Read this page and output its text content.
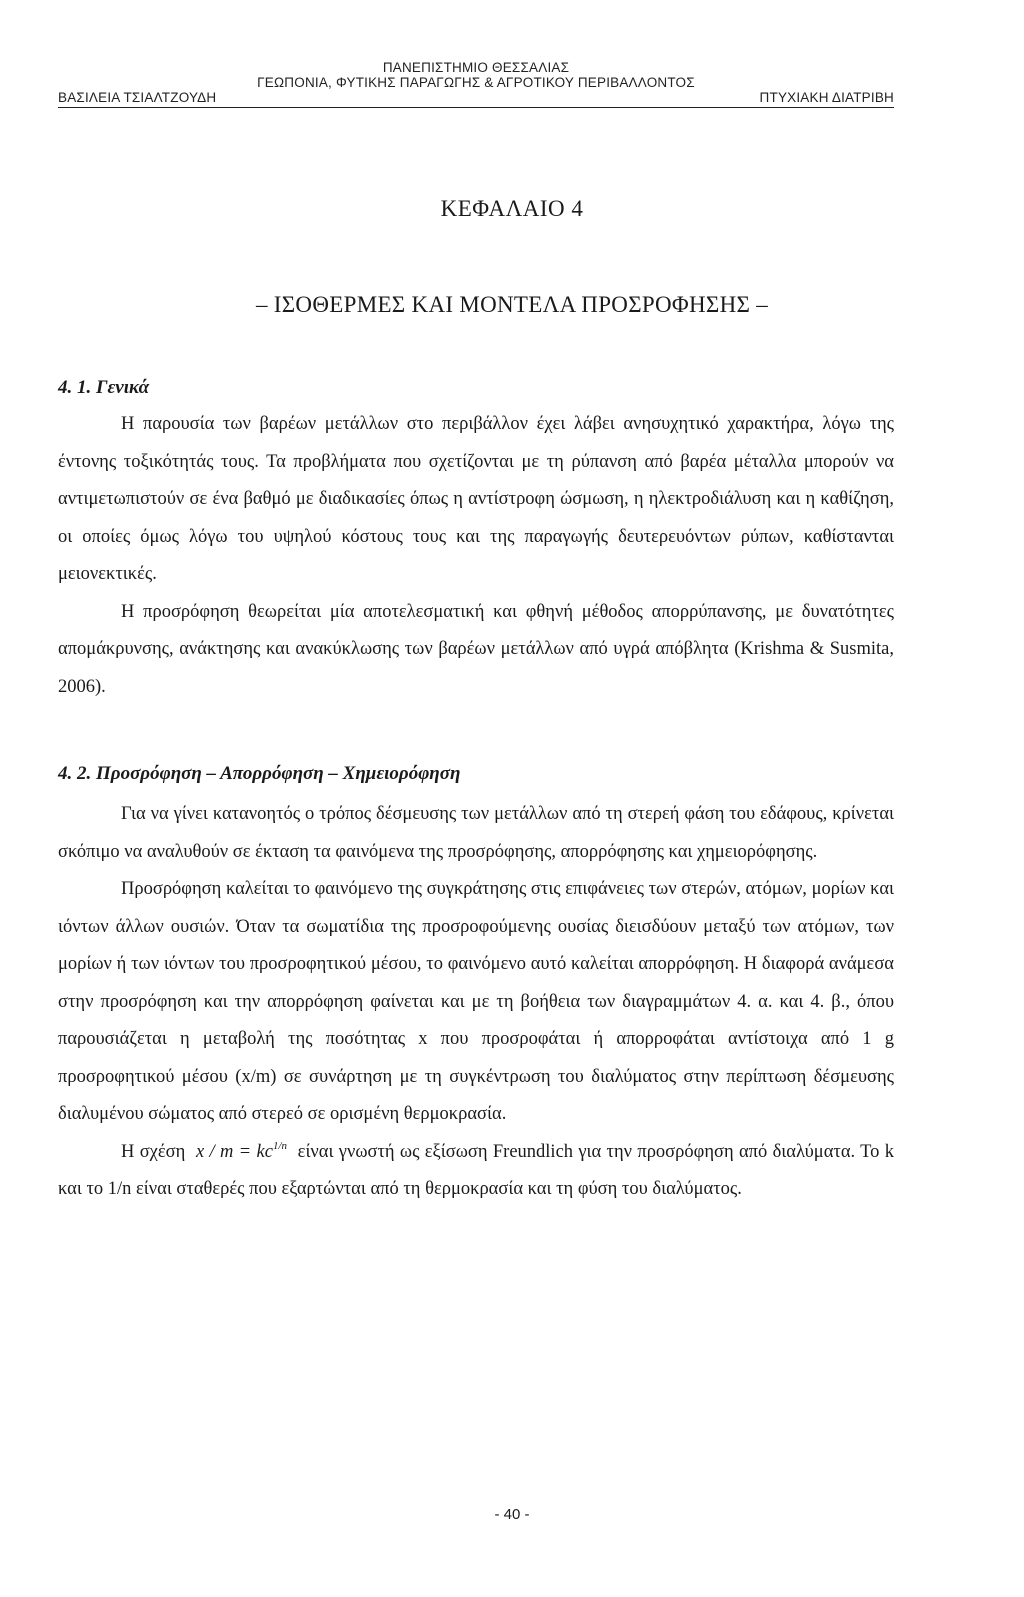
ΠΑΝΕΠΙΣΤΗΜΙΟ ΘΕΣΣΑΛΙΑΣ
ΓΕΩΠΟΝΙΑ, ΦΥΤΙΚΗΣ ΠΑΡΑΓΩΓΗΣ & ΑΓΡΟΤΙΚΟΥ ΠΕΡΙΒΑΛΛΟΝΤΟΣ
ΒΑΣΙΛΕΙΑ ΤΣΙΑΛΤΖΟΥΔΗ	ΠΤΥΧΙΑΚΗ ΔΙΑΤΡΙΒΗ
ΚΕΦΑΛΑΙΟ 4
– ΙΣΟΘΕΡΜΕΣ ΚΑΙ ΜΟΝΤΕΛΑ ΠΡΟΣΡΟΦΗΣΗΣ –
4. 1. Γενικά

Η παρουσία των βαρέων μετάλλων στο περιβάλλον έχει λάβει ανησυχητικό χαρακτήρα, λόγω της έντονης τοξικότητάς τους. Τα προβλήματα που σχετίζονται με τη ρύπανση από βαρέα μέταλλα μπορούν να αντιμετωπιστούν σε ένα βαθμό με διαδικασίες όπως η αντίστροφη ώσμωση, η ηλεκτροδιάλυση και η καθίζηση, οι οποίες όμως λόγω του υψηλού κόστους τους και της παραγωγής δευτερευόντων ρύπων, καθίστανται μειονεκτικές.

Η προσρόφηση θεωρείται μία αποτελεσματική και φθηνή μέθοδος απορρύπανσης, με δυνατότητες απομάκρυνσης, ανάκτησης και ανακύκλωσης των βαρέων μετάλλων από υγρά απόβλητα (Krishma & Susmita, 2006).

4. 2. Προσρόφηση – Απορρόφηση – Χημειορόφηση

Για να γίνει κατανοητός ο τρόπος δέσμευσης των μετάλλων από τη στερεή φάση του εδάφους, κρίνεται σκόπιμο να αναλυθούν σε έκταση τα φαινόμενα της προσρόφησης, απορρόφησης και χημειορόφησης.

Προσρόφηση καλείται το φαινόμενο της συγκράτησης στις επιφάνειες των στερών, ατόμων, μορίων και ιόντων άλλων ουσιών. Όταν τα σωματίδια της προσροφούμενης ουσίας διεισδύουν μεταξύ των ατόμων, των μορίων ή των ιόντων του προσροφητικού μέσου, το φαινόμενο αυτό καλείται απορρόφηση. Η διαφορά ανάμεσα στην προσρόφηση και την απορρόφηση φαίνεται και με τη βοήθεια των διαγραμμάτων 4. α. και 4. β., όπου παρουσιάζεται η μεταβολή της ποσότητας x που προσροφάται ή απορροφάται αντίστοιχα από 1 g προσροφητικού μέσου (x/m) σε συνάρτηση με τη συγκέντρωση του διαλύματος στην περίπτωση δέσμευσης διαλυμένου σώματος από στερεό σε ορισμένη θερμοκρασία.

Η σχέση $x / m = kc^{1/n}$ είναι γνωστή ως εξίσωση Freundlich για την προσρόφηση από διαλύματα. Το k και το 1/n είναι σταθερές που εξαρτώνται από τη θερμοκρασία και τη φύση του διαλύματος.

- 40 -
